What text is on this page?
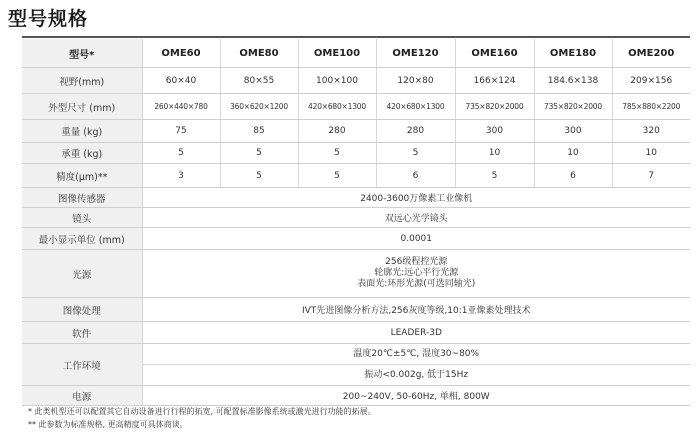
型号规格
型号*	OME60	OME80	OME100	OME120	OME160	OME180	OME200
视野(mm)	60×40	80×55	100×100	120×80	166×124	184.6×138	209×156
外型尺寸 (mm)	260×440×780	360×620×1200	420×680×1300	420×680×1300	735×820×2000	735×820×2000	785×880×2200
重量 (kg)	75	85	280	280	300	300	320
承重 (kg)	5	5	5	5	10	10	10
精度(μm)**	3	5	5	6	5	6	7
图像传感器	2400-3600万像素工业像机						
镜头	双远心光学镜头						
最小显示单位 (mm)	0.0001						
光源	256级程控光源
轮廓光:远心平行光源
表面光:环形光源(可选同轴光)						

图像处理	IVT先进图像分析方法,256灰度等级,10:1亚像素处理技术						
软件	LEADER-3D						
工作环境	温度20℃±5℃, 湿度30~80%
振动<0.002g, 低于15Hz						

电源	200~240V, 50-60Hz, 单相, 800W						
* 此类机型还可以配置其它自动设备进行行程的拓宽, 可配置标准影像系统或激光进行功能的拓展。
** 此参数为标准规格, 更高精度可具体商谈。
